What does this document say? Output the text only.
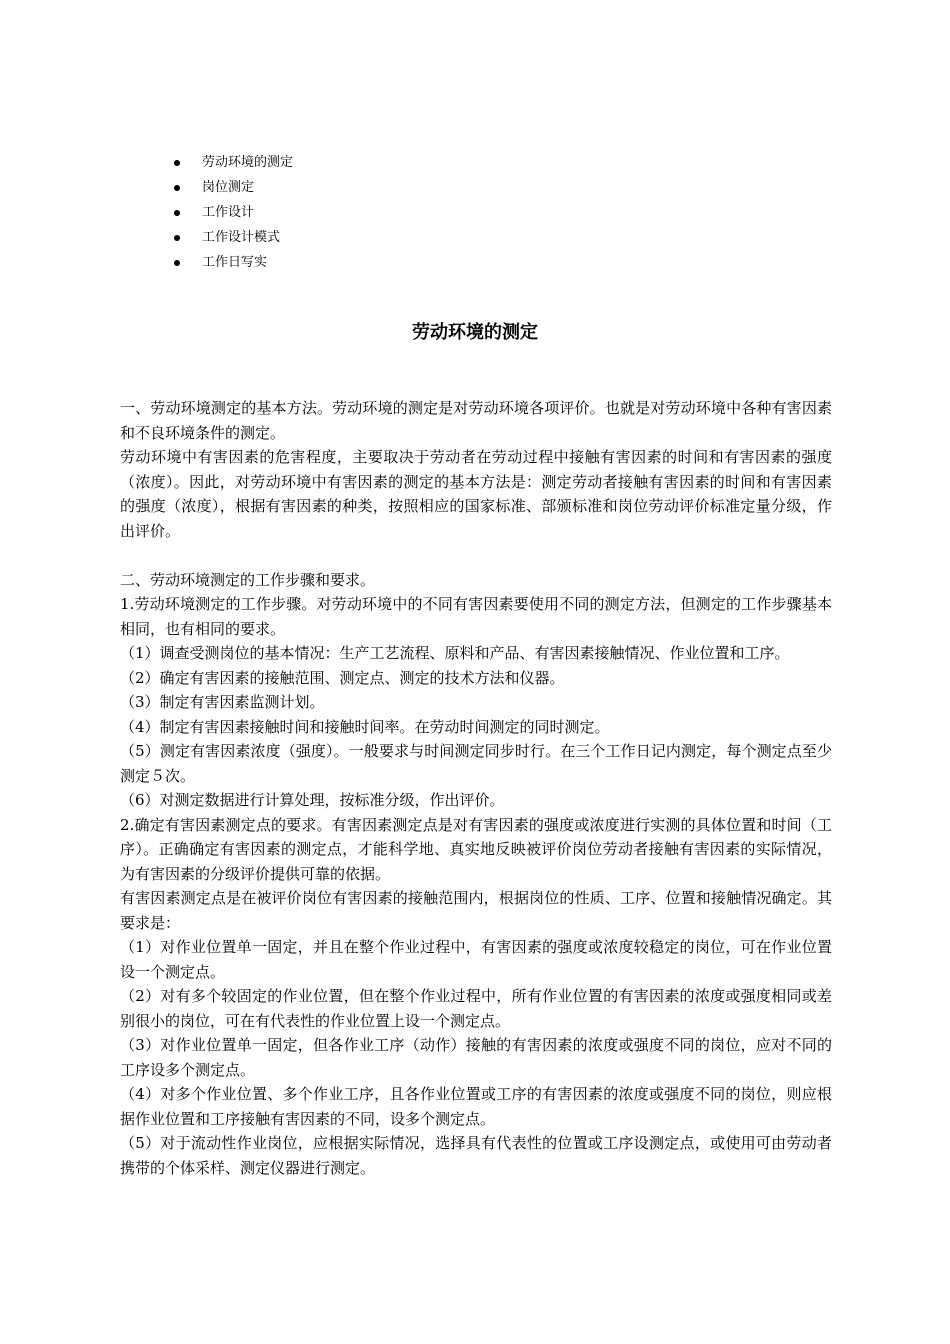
劳动环境的测定
岗位测定
工作设计
工作设计模式
工作日写实
劳动环境的测定

一、劳动环境测定的基本方法。劳动环境的测定是对劳动环境各项评价。也就是对劳动环境中各种有害因素和不良环境条件的测定。

劳动环境中有害因素的危害程度，主要取决于劳动者在劳动过程中接触有害因素的时间和有害因素的强度（浓度）。因此，对劳动环境中有害因素的测定的基本方法是：测定劳动者接触有害因素的时间和有害因素的强度（浓度），根据有害因素的种类，按照相应的国家标准、部颁标准和岗位劳动评价标准定量分级，作出评价。

二、劳动环境测定的工作步骤和要求。

1.劳动环境测定的工作步骤。对劳动环境中的不同有害因素要使用不同的测定方法，但测定的工作步骤基本相同，也有相同的要求。

（1）调查受测岗位的基本情况：生产工艺流程、原料和产品、有害因素接触情况、作业位置和工序。

（2）确定有害因素的接触范围、测定点、测定的技术方法和仪器。

（3）制定有害因素监测计划。

（4）制定有害因素接触时间和接触时间率。在劳动时间测定的同时测定。

（5）测定有害因素浓度（强度）。一般要求与时间测定同步时行。在三个工作日记内测定，每个测定点至少测定５次。

（6）对测定数据进行计算处理，按标准分级，作出评价。

2.确定有害因素测定点的要求。有害因素测定点是对有害因素的强度或浓度进行实测的具体位置和时间（工序）。正确确定有害因素的测定点，才能科学地、真实地反映被评价岗位劳动者接触有害因素的实际情况，为有害因素的分级评价提供可靠的依据。

有害因素测定点是在被评价岗位有害因素的接触范围内，根据岗位的性质、工序、位置和接触情况确定。其要求是：

（1）对作业位置单一固定，并且在整个作业过程中，有害因素的强度或浓度较稳定的岗位，可在作业位置设一个测定点。

（2）对有多个较固定的作业位置，但在整个作业过程中，所有作业位置的有害因素的浓度或强度相同或差别很小的岗位，可在有代表性的作业位置上设一个测定点。

（3）对作业位置单一固定，但各作业工序（动作）接触的有害因素的浓度或强度不同的岗位，应对不同的工序设多个测定点。

（4）对多个作业位置、多个作业工序，且各作业位置或工序的有害因素的浓度或强度不同的岗位，则应根据作业位置和工序接触有害因素的不同，设多个测定点。

（5）对于流动性作业岗位，应根据实际情况，选择具有代表性的位置或工序设测定点，或使用可由劳动者携带的个体采样、测定仪器进行测定。
